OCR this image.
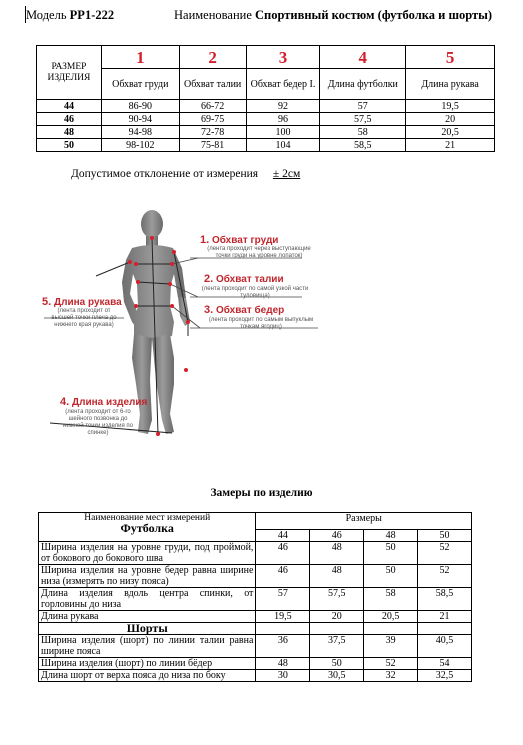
Модель PP1-222	Наименование Спортивный костюм (футболка и шорты)
РАЗМЕР ИЗДЕЛИЯ	1	2	3	4	5
	Обхват груди	Обхват талии	Обхват бедер I.	Длина футболки	Длина рукава
44	86-90	66-72	92	57	19,5
46	90-94	69-75	96	57,5	20
48	94-98	72-78	100	58	20,5
50	98-102	75-81	104	58,5	21
Допустимое отклонение от измерения ± 2см
1. Обхват груди
(лента проходит через выступающие точки груди на уровне лопаток)
2. Обхват талии
(лента проходит по самой узкой части туловища)
3. Обхват бедер
(лента проходит по самым выпуклым точкам ягодиц)
4. Длина изделия
(лента проходит от 6-го шейного позвонка до нижней точки изделия по спинке)
5. Длина рукава
(лента проходит от высшей точки плеча до нижнего края рукава)
Замеры по изделию
Наименование мест измерений
Футболка	Размеры			
	44	46	48	50
Ширина изделия на уровне груди, под проймой, от бокового до бокового шва	46	48	50	52
Ширина изделия на уровне бедер равна ширине низа (измерять по низу пояса)	46	48	50	52
Длина изделия вдоль центра спинки, от горловины до низа	57	57,5	58	58,5
Длина рукава	19,5	20	20,5	21
Шорты				
Ширина изделия (шорт) по линии талии равна ширине пояса	36	37,5	39	40,5
Ширина изделия (шорт) по линии бёдер	48	50	52	54
Длина шорт от верха пояса до низа по боку	30	30,5	32	32,5
